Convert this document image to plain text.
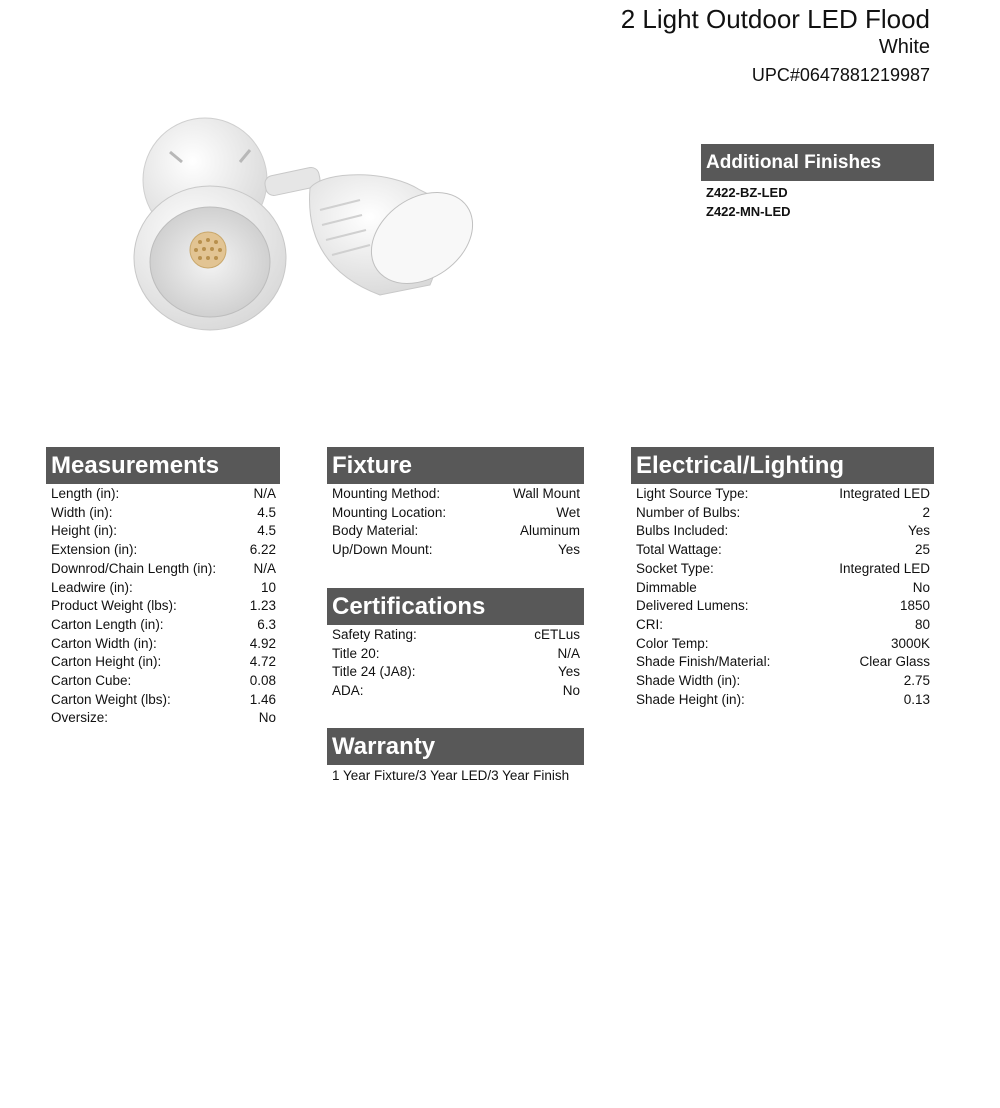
2 Light Outdoor LED Flood
White
UPC#0647881219987
Additional Finishes
Z422-BZ-LED
Z422-MN-LED
Measurements
Length (in):	N/A
Width (in):	4.5
Height (in):	4.5
Extension (in):	6.22
Downrod/Chain Length (in):	N/A
Leadwire (in):	10
Product Weight (lbs):	1.23
Carton Length (in):	6.3
Carton Width (in):	4.92
Carton Height (in):	4.72
Carton Cube:	0.08
Carton Weight (lbs):	1.46
Oversize:	No
Fixture
Mounting Method:	Wall Mount
Mounting Location:	Wet
Body Material:	Aluminum
Up/Down Mount:	Yes
Certifications
Safety Rating:	cETLus
Title 20:	N/A
Title 24 (JA8):	Yes
ADA:	No
Warranty
1 Year Fixture/3 Year LED/3 Year Finish
Electrical/Lighting
Light Source Type:	Integrated LED
Number of Bulbs:	2
Bulbs Included:	Yes
Total Wattage:	25
Socket Type:	Integrated LED
Dimmable	No
Delivered Lumens:	1850
CRI:	80
Color Temp:	3000K
Shade Finish/Material:	Clear Glass
Shade Width (in):	2.75
Shade Height (in):	0.13
